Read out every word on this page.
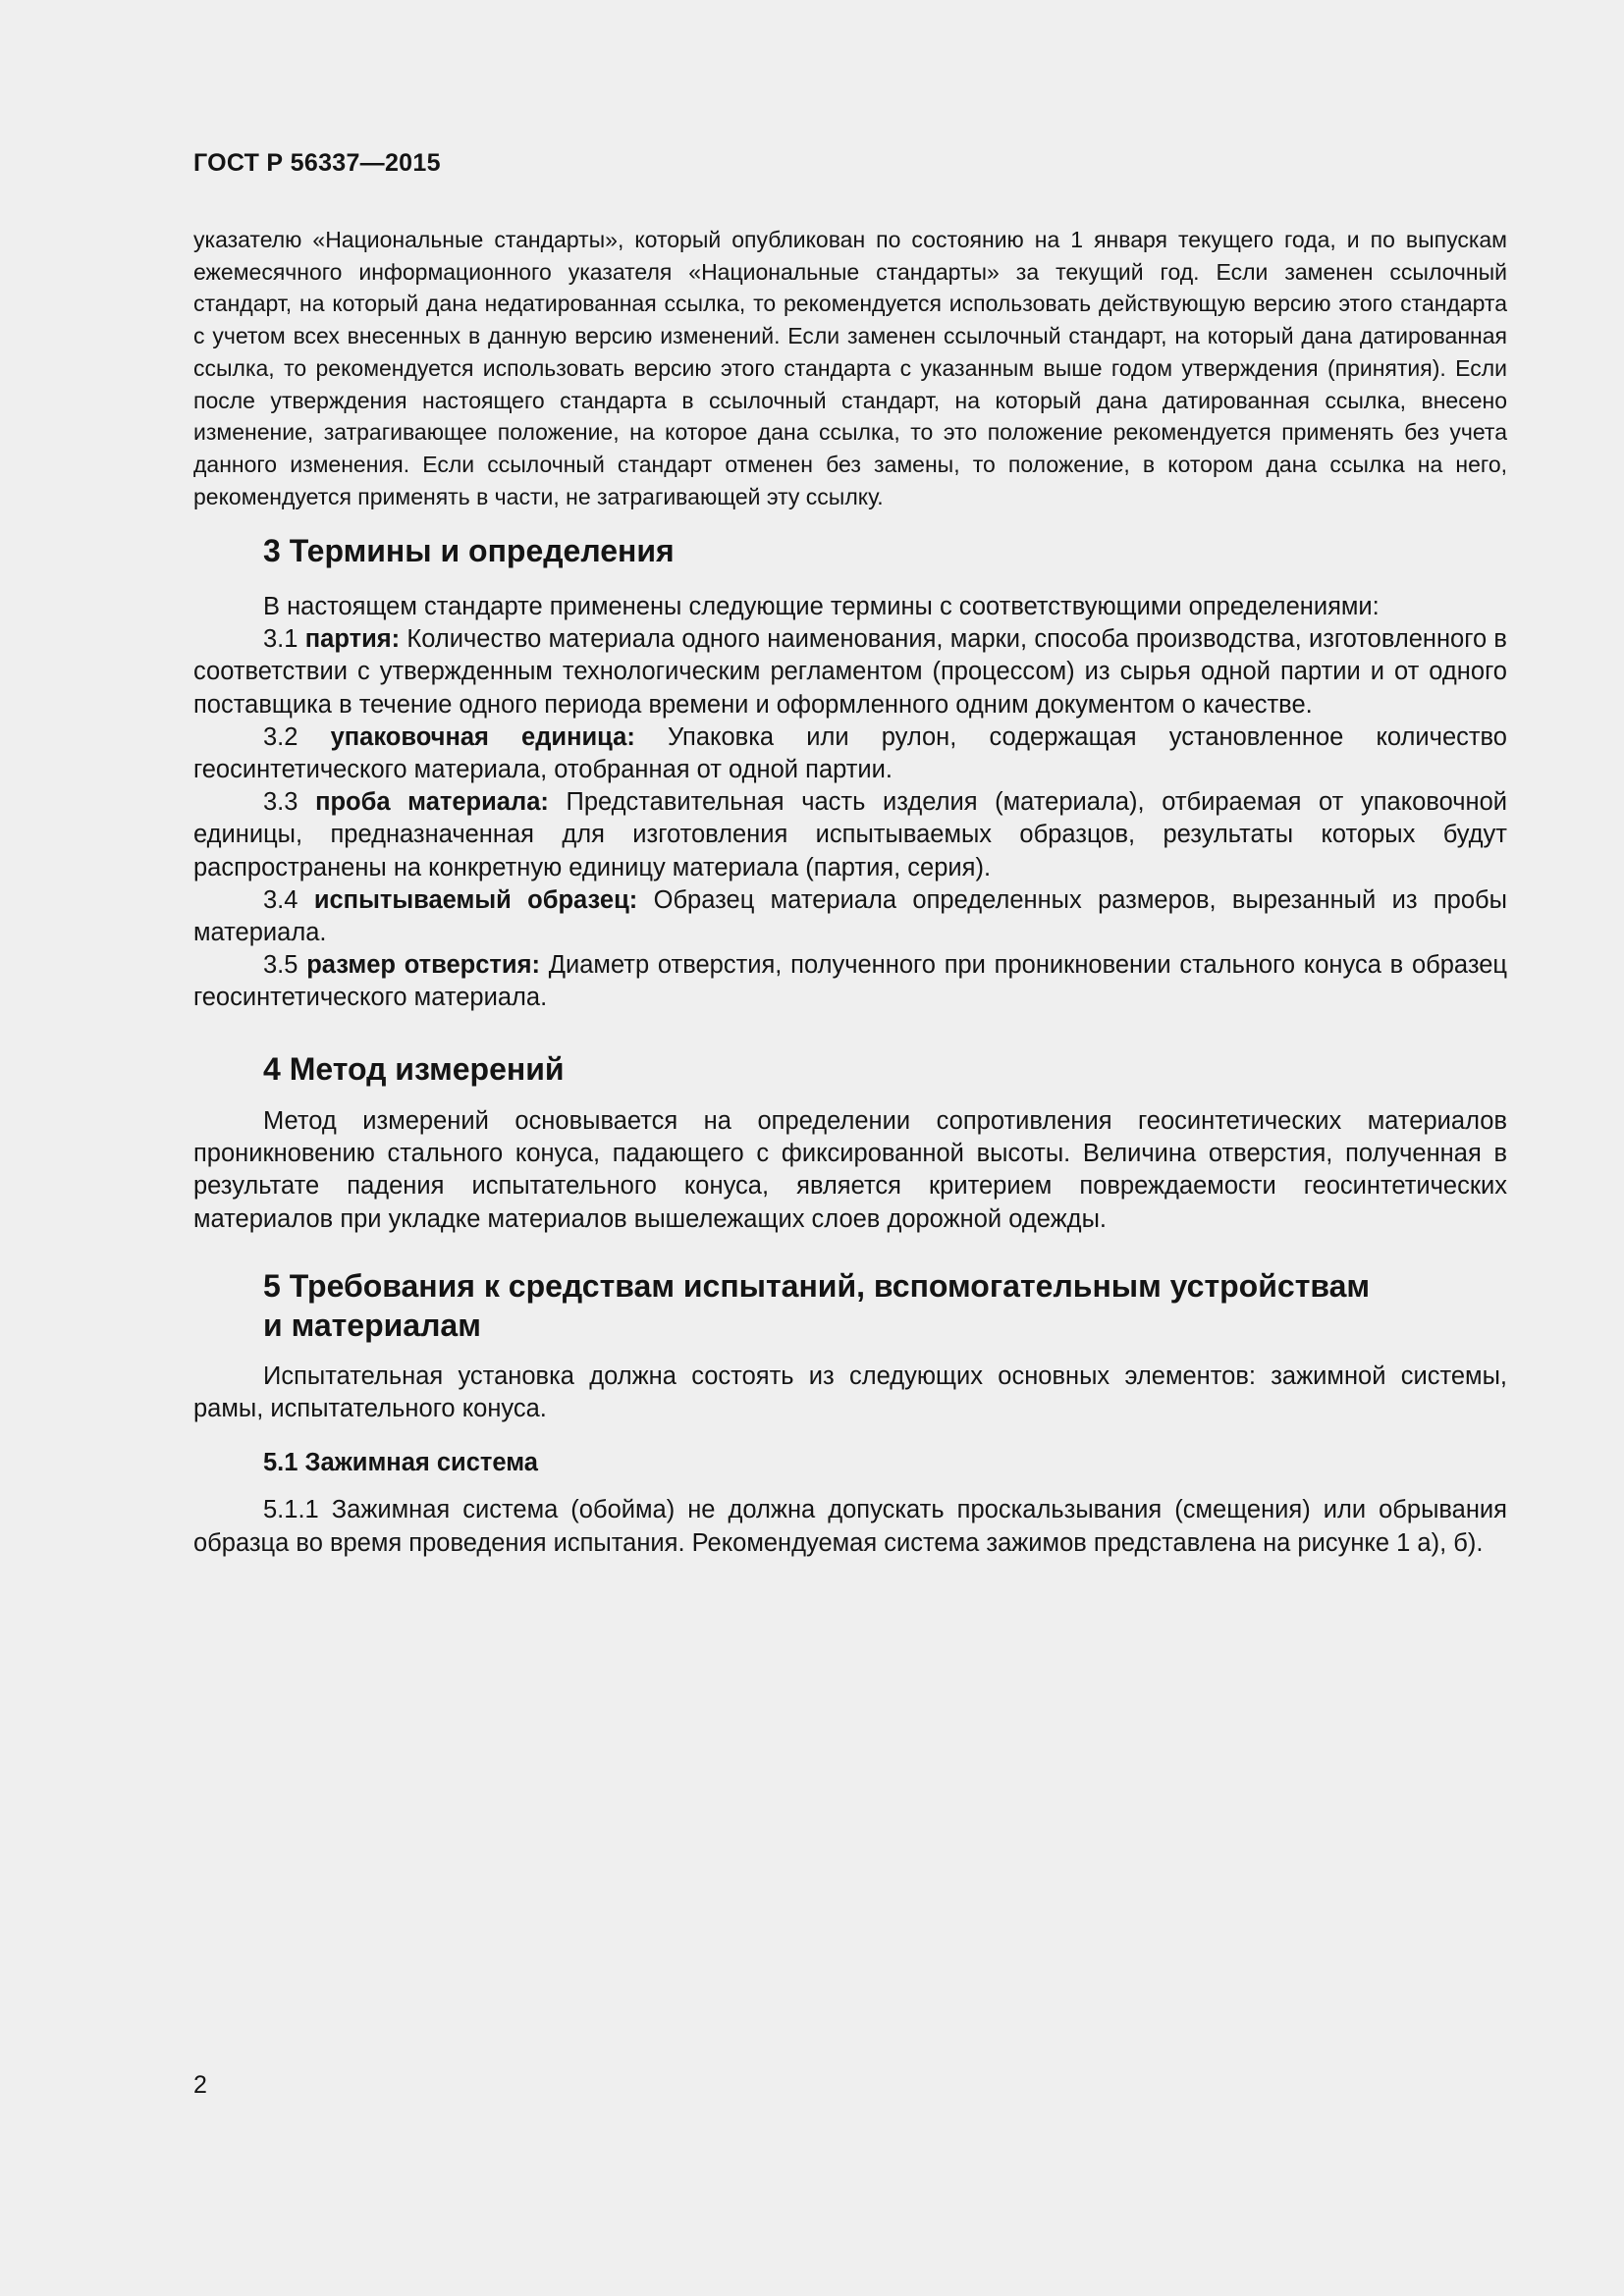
ГОСТ Р 56337—2015

указателю «Национальные стандарты», который опубликован по состоянию на 1 января текущего года, и по выпускам ежемесячного информационного указателя «Национальные стандарты» за текущий год. Если заменен ссылочный стандарт, на который дана недатированная ссылка, то рекомендуется использовать действующую версию этого стандарта с учетом всех внесенных в данную версию изменений. Если заменен ссылочный стандарт, на который дана датированная ссылка, то рекомендуется использовать версию этого стандарта с указанным выше годом утверждения (принятия). Если после утверждения настоящего стандарта в ссылочный стандарт, на который дана датированная ссылка, внесено изменение, затрагивающее положение, на которое дана ссылка, то это положение рекомендуется применять без учета данного изменения. Если ссылочный стандарт отменен без замены, то положение, в котором дана ссылка на него, рекомендуется применять в части, не затрагивающей эту ссылку.

3 Термины и определения

В настоящем стандарте применены следующие термины с соответствующими определениями:

3.1 партия: Количество материала одного наименования, марки, способа производства, изготовленного в соответствии с утвержденным технологическим регламентом (процессом) из сырья одной партии и от одного поставщика в течение одного периода времени и оформленного одним документом о качестве.

3.2 упаковочная единица: Упаковка или рулон, содержащая установленное количество геосинтетического материала, отобранная от одной партии.

3.3 проба материала: Представительная часть изделия (материала), отбираемая от упаковочной единицы, предназначенная для изготовления испытываемых образцов, результаты которых будут распространены на конкретную единицу материала (партия, серия).

3.4 испытываемый образец: Образец материала определенных размеров, вырезанный из пробы материала.

3.5 размер отверстия: Диаметр отверстия, полученного при проникновении стального конуса в образец геосинтетического материала.

4 Метод измерений

Метод измерений основывается на определении сопротивления геосинтетических материалов проникновению стального конуса, падающего с фиксированной высоты. Величина отверстия, полученная в результате падения испытательного конуса, является критерием повреждаемости геосинтетических материалов при укладке материалов вышележащих слоев дорожной одежды.

5 Требования к средствам испытаний, вспомогательным устройствам
и материалам

Испытательная установка должна состоять из следующих основных элементов: зажимной системы, рамы, испытательного конуса.

5.1 Зажимная система

5.1.1 Зажимная система (обойма) не должна допускать проскальзывания (смещения) или обрывания образца во время проведения испытания. Рекомендуемая система зажимов представлена на рисунке 1 а), б).

2
